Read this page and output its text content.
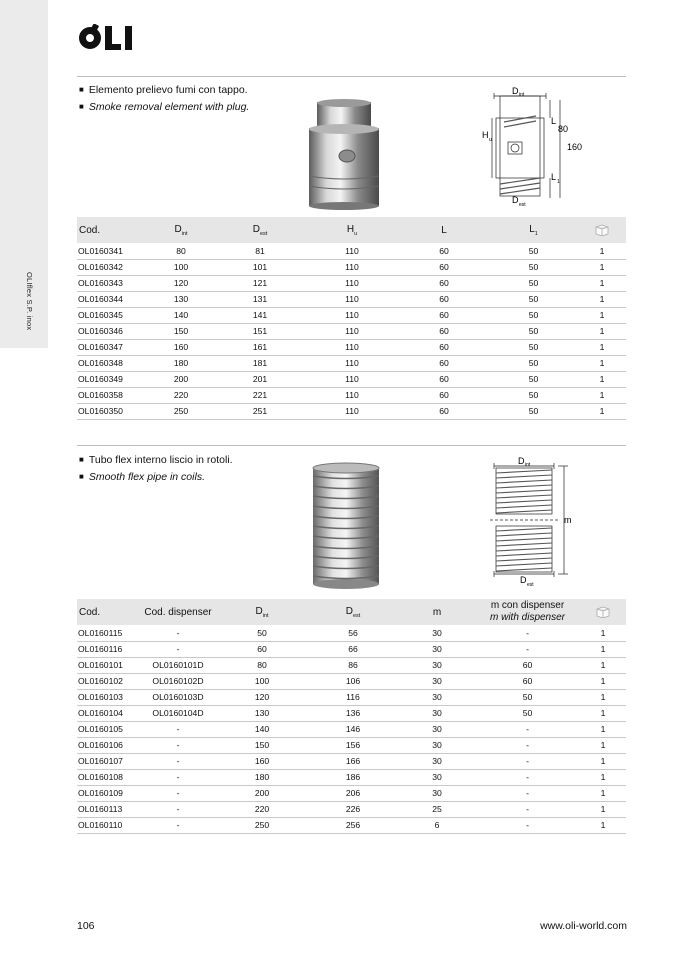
OLIflex S.P. inox
■ Elemento prelievo fumi con tappo.
■ Smoke removal element with plug.
D int
L
80
H u
160
L 1
D est
Cod.	$D_{int}$	$D_{est}$	$H_u$	L	$L_1$	
OL0160341	80	81	110	60	50	1
OL0160342	100	101	110	60	50	1
OL0160343	120	121	110	60	50	1
OL0160344	130	131	110	60	50	1
OL0160345	140	141	110	60	50	1
OL0160346	150	151	110	60	50	1
OL0160347	160	161	110	60	50	1
OL0160348	180	181	110	60	50	1
OL0160349	200	201	110	60	50	1
OL0160358	220	221	110	60	50	1
OL0160350	250	251	110	60	50	1
■ Tubo flex interno liscio in rotoli.
■ Smooth flex pipe in coils.
D int
m
D est
Cod.	Cod. dispenser	$D_{int}$	$D_{est}$	m	m con dispenser
m with dispenser

OL0160115	-	50	56	30	-	1
OL0160116	-	60	66	30	-	1
OL0160101	OL0160101D	80	86	30	60	1
OL0160102	OL0160102D	100	106	30	60	1
OL0160103	OL0160103D	120	116	30	50	1
OL0160104	OL0160104D	130	136	30	50	1
OL0160105	-	140	146	30	-	1
OL0160106	-	150	156	30	-	1
OL0160107	-	160	166	30	-	1
OL0160108	-	180	186	30	-	1
OL0160109	-	200	206	30	-	1
OL0160113	-	220	226	25	-	1
OL0160110	-	250	256	6	-	1
106	www.oli-world.com
